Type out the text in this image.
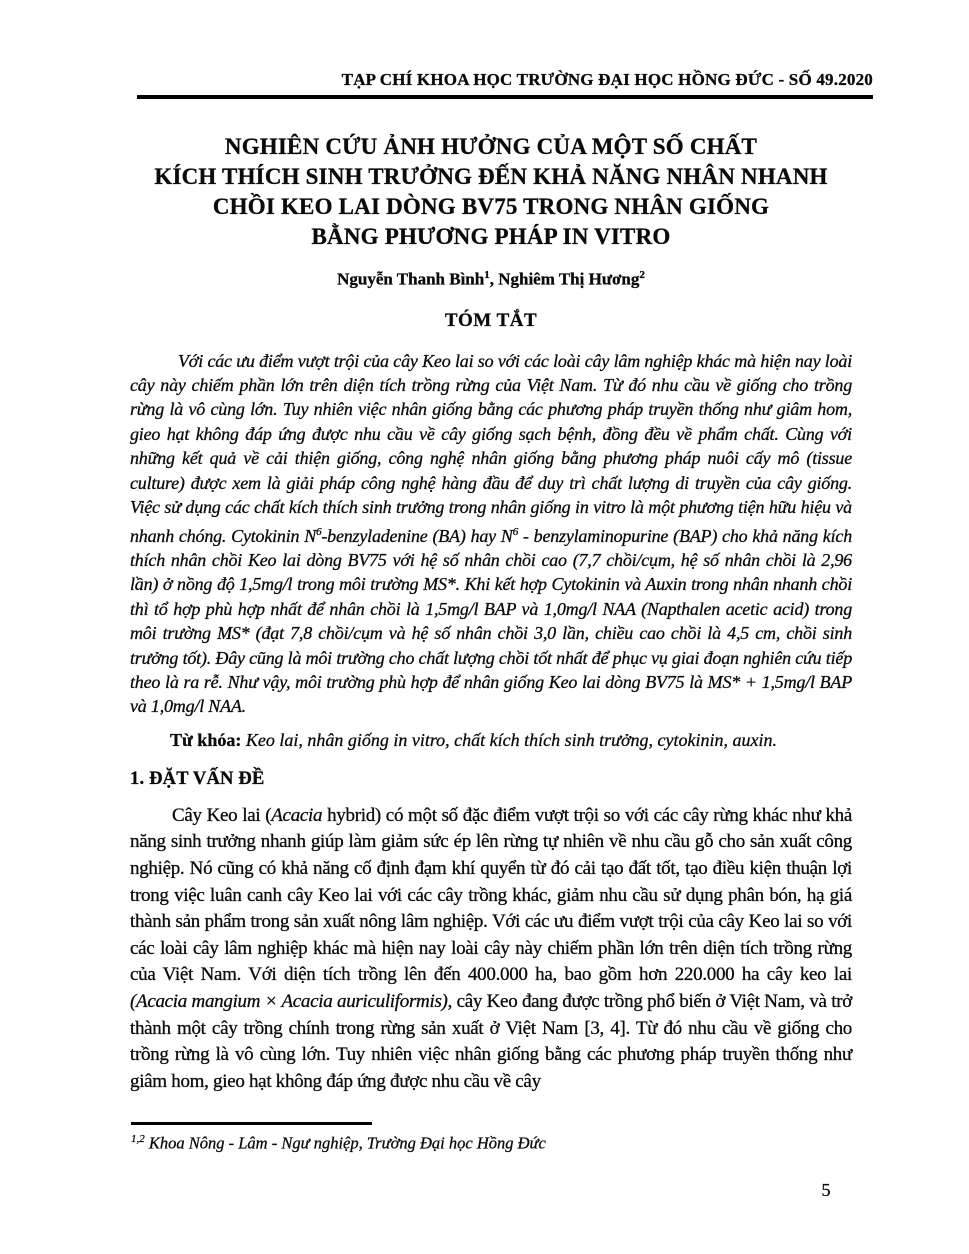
TẠP CHÍ KHOA HỌC TRƯỜNG ĐẠI HỌC HỒNG ĐỨC - SỐ 49.2020
NGHIÊN CỨU ẢNH HƯỞNG CỦA MỘT SỐ CHẤT
KÍCH THÍCH SINH TRƯỞNG ĐẾN KHẢ NĂNG NHÂN NHANH
CHỒI KEO LAI DÒNG BV75 TRONG NHÂN GIỐNG
BẰNG PHƯƠNG PHÁP IN VITRO
Nguyễn Thanh Bình$^1$, Nghiêm Thị Hương$^2$
TÓM TẮT

Với các ưu điểm vượt trội của cây Keo lai so với các loài cây lâm nghiệp khác mà hiện nay loài cây này chiếm phần lớn trên diện tích trồng rừng của Việt Nam. Từ đó nhu cầu về giống cho trồng rừng là vô cùng lớn. Tuy nhiên việc nhân giống bằng các phương pháp truyền thống như giâm hom, gieo hạt không đáp ứng được nhu cầu về cây giống sạch bệnh, đồng đều về phẩm chất. Cùng với những kết quả về cải thiện giống, công nghệ nhân giống bằng phương pháp nuôi cấy mô (tissue culture) được xem là giải pháp công nghệ hàng đầu để duy trì chất lượng di truyền của cây giống. Việc sử dụng các chất kích thích sinh trưởng trong nhân giống in vitro là một phương tiện hữu hiệu và nhanh chóng. Cytokinin $N^6$-benzyladenine (BA) hay $N^6$ - benzylaminopurine (BAP) cho khả năng kích thích nhân chồi Keo lai dòng BV75 với hệ số nhân chồi cao (7,7 chồi/cụm, hệ số nhân chồi là 2,96 lần) ở nồng độ 1,5mg/l trong môi trường MS*. Khi kết hợp Cytokinin và Auxin trong nhân nhanh chồi thì tổ hợp phù hợp nhất để nhân chồi là 1,5mg/l BAP và 1,0mg/l NAA (Napthalen acetic acid) trong môi trường MS* (đạt 7,8 chồi/cụm và hệ số nhân chồi 3,0 lần, chiều cao chồi là 4,5 cm, chồi sinh trưởng tốt). Đây cũng là môi trường cho chất lượng chồi tốt nhất để phục vụ giai đoạn nghiên cứu tiếp theo là ra rễ. Như vậy, môi trường phù hợp để nhân giống Keo lai dòng BV75 là MS* + 1,5mg/l BAP và 1,0mg/l NAA.

Từ khóa: Keo lai, nhân giống in vitro, chất kích thích sinh trưởng, cytokinin, auxin.

1. ĐẶT VẤN ĐỀ

Cây Keo lai (Acacia hybrid) có một số đặc điểm vượt trội so với các cây rừng khác như khả năng sinh trưởng nhanh giúp làm giảm sức ép lên rừng tự nhiên về nhu cầu gỗ cho sản xuất công nghiệp. Nó cũng có khả năng cố định đạm khí quyển từ đó cải tạo đất tốt, tạo điều kiện thuận lợi trong việc luân canh cây Keo lai với các cây trồng khác, giảm nhu cầu sử dụng phân bón, hạ giá thành sản phẩm trong sản xuất nông lâm nghiệp. Với các ưu điểm vượt trội của cây Keo lai so với các loài cây lâm nghiệp khác mà hiện nay loài cây này chiếm phần lớn trên diện tích trồng rừng của Việt Nam. Với diện tích trồng lên đến 400.000 ha, bao gồm hơn 220.000 ha cây keo lai (Acacia mangium × Acacia auriculiformis), cây Keo đang được trồng phổ biến ở Việt Nam, và trở thành một cây trồng chính trong rừng sản xuất ở Việt Nam [3, 4]. Từ đó nhu cầu về giống cho trồng rừng là vô cùng lớn. Tuy nhiên việc nhân giống bằng các phương pháp truyền thống như giâm hom, gieo hạt không đáp ứng được nhu cầu về cây

$^{1,2}$ Khoa Nông - Lâm - Ngư nghiệp, Trường Đại học Hồng Đức
5
